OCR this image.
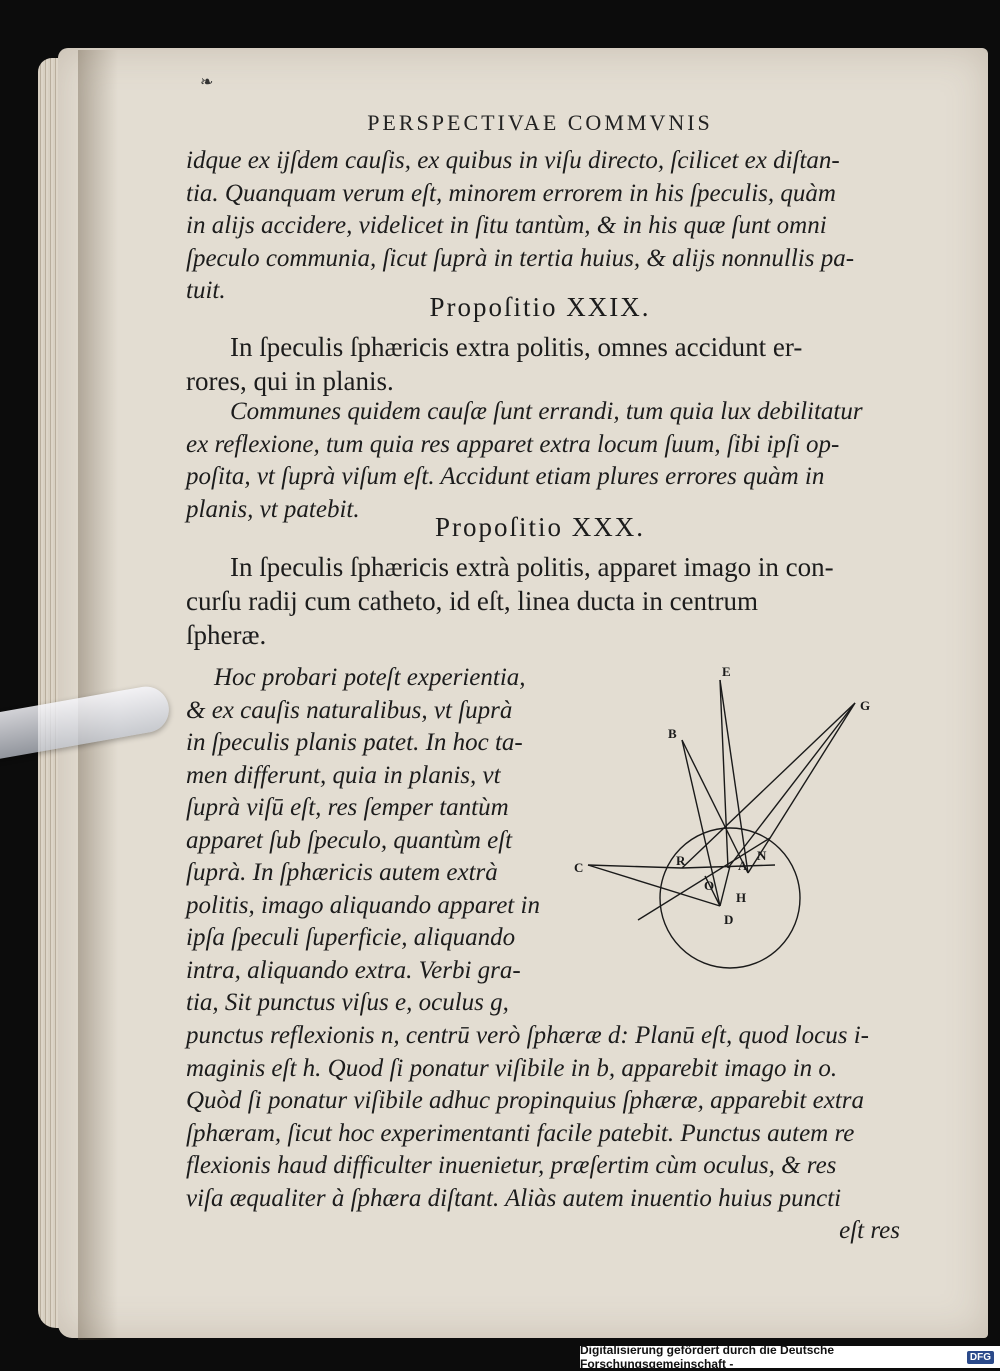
❧
PERSPECTIVAE COMMVNIS
idque ex ijſdem cauſis, ex quibus in viſu directo, ſcilicet ex diſtan-
tia. Quanquam verum eſt, minorem errorem in his ſpeculis, quàm
in alijs accidere, videlicet in ſitu tantùm, & in his quæ ſunt omni
ſpeculo communia, ſicut ſuprà in tertia huius, & alijs nonnullis pa-
tuit.
Propoſitio XXIX.
In ſpeculis ſphæricis extra politis, omnes accidunt er-
rores, qui in planis.
Communes quidem cauſæ ſunt errandi, tum quia lux debilitatur
ex reflexione, tum quia res apparet extra locum ſuum, ſibi ipſi op-
poſita, vt ſuprà viſum eſt. Accidunt etiam plures errores quàm in
planis, vt patebit.
Propoſitio XXX.
In ſpeculis ſphæricis extrà politis, apparet imago in con-
curſu radij cum catheto, id eſt, linea ducta in centrum
ſpheræ.
Hoc probari poteſt experientia,
& ex cauſis naturalibus, vt ſuprà
in ſpeculis planis patet. In hoc ta-
men differunt, quia in planis, vt
ſuprà viſū eſt, res ſemper tantùm
apparet ſub ſpeculo, quantùm eſt
ſuprà. In ſphæricis autem extrà
politis, imago aliquando apparet in
ipſa ſpeculi ſuperficie, aliquando
intra, aliquando extra. Verbi gra-
tia, Sit punctus viſus e, oculus g,
punctus reflexionis n, centrū verò ſphæræ d: Planū eſt, quod locus i-
maginis eſt h. Quod ſi ponatur viſibile in b, apparebit imago in o.
Quòd ſi ponatur viſibile adhuc propinquius ſphæræ, apparebit extra
ſphæram, ſicut hoc experimentanti facile patebit. Punctus autem re
flexionis haud difficulter inuenietur, præſertim cùm oculus, & res
viſa æqualiter à ſphæra diſtant. Aliàs autem inuentio huius puncti
eſt res
E
G
B
C	R	A
N
O
H
D
Digitalisierung gefördert durch die Deutsche Forschungsgemeinschaft -	DFG
